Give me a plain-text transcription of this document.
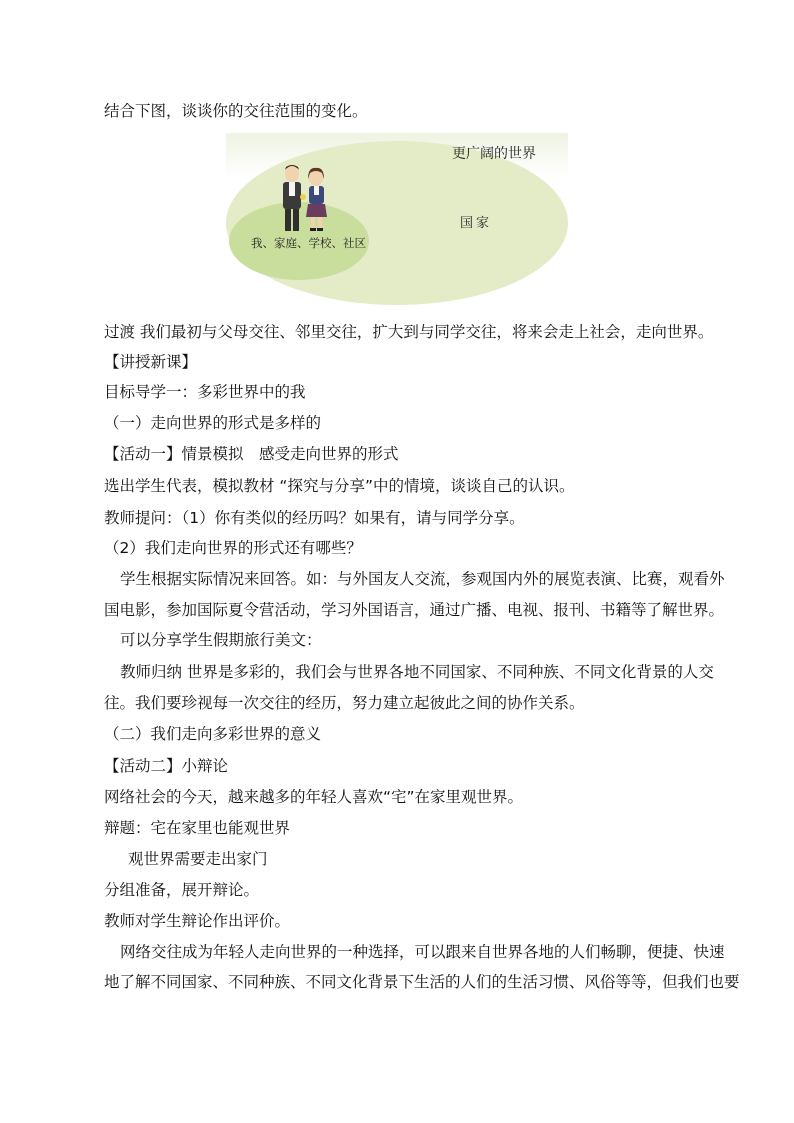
结合下图，谈谈你的交往范围的变化。
更广阔的世界
国家
我、家庭、学校、社区
过渡 我们最初与父母交往、邻里交往，扩大到与同学交往，将来会走上社会，走向世界。
【讲授新课】
目标导学一：多彩世界中的我
（一）走向世界的形式是多样的
【活动一】情景模拟　感受走向世界的形式
选出学生代表，模拟教材 “探究与分享”中的情境，谈谈自己的认识。
教师提问：（1）你有类似的经历吗？如果有，请与同学分享。
（2）我们走向世界的形式还有哪些？
学生根据实际情况来回答。如：与外国友人交流，参观国内外的展览表演、比赛，观看外
国电影，参加国际夏令营活动，学习外国语言，通过广播、电视、报刊、书籍等了解世界。
可以分享学生假期旅行美文：
教师归纳 世界是多彩的，我们会与世界各地不同国家、不同种族、不同文化背景的人交
往。我们要珍视每一次交往的经历，努力建立起彼此之间的协作关系。
（二）我们走向多彩世界的意义
【活动二】小辩论
网络社会的今天，越来越多的年轻人喜欢“宅”在家里观世界。
辩题：宅在家里也能观世界
观世界需要走出家门
分组准备，展开辩论。
教师对学生辩论作出评价。
网络交往成为年轻人走向世界的一种选择，可以跟来自世界各地的人们畅聊，便捷、快速
地了解不同国家、不同种族、不同文化背景下生活的人们的生活习惯、风俗等等，但我们也要
